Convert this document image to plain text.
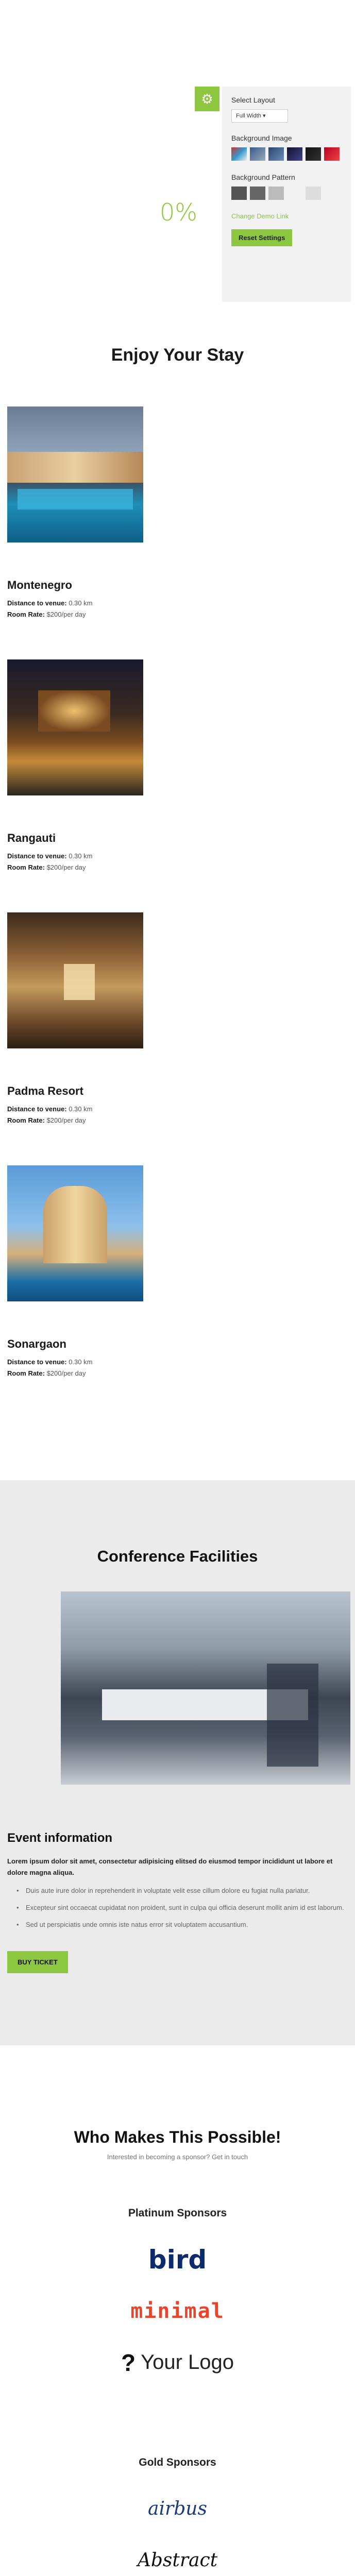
0%
⚙	Select Layout
Full Width ▾
Background Image
Background Pattern
Change Demo Link
Reset Settings
Enjoy Your Stay
Montenegro
Distance to venue: 0.30 km
Room Rate: $200/per day
Rangauti
Distance to venue: 0.30 km
Room Rate: $200/per day
Padma Resort
Distance to venue: 0.30 km
Room Rate: $200/per day
Sonargaon
Distance to venue: 0.30 km
Room Rate: $200/per day
Conference Facilities
Event information

Lorem ipsum dolor sit amet, consectetur adipisicing elitsed do eiusmod tempor incididunt ut labore et dolore magna aliqua.

• Duis aute irure dolor in reprehenderit in voluptate velit esse cillum dolore eu fugiat nulla pariatur.
• Excepteur sint occaecat cupidatat non proident, sunt in culpa qui officia deserunt mollit anim id est laborum.
• Sed ut perspiciatis unde omnis iste natus error sit voluptatem accusantium.
BUY TICKET
Who Makes This Possible!

Interested in becoming a sponsor? Get in touch

Platinum Sponsors
bird
minimal
? Your Logo
Gold Sponsors
airbus
Abstract
